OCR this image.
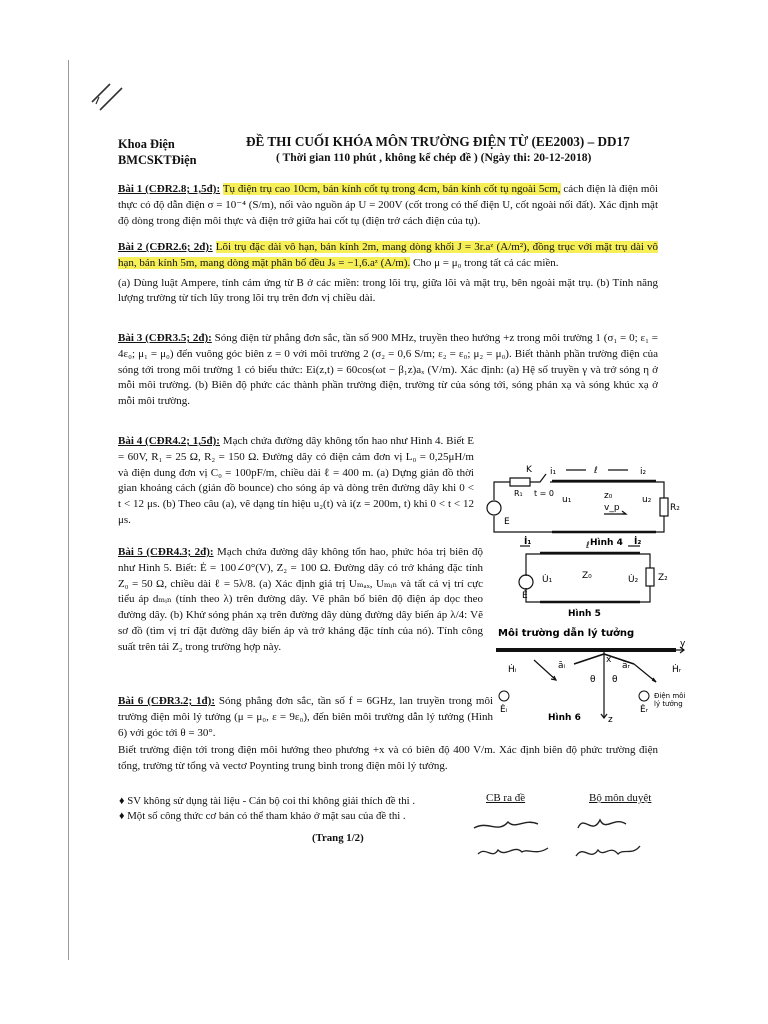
Khoa Điện
BMCSKTĐiện
ĐỀ THI CUỐI KHÓA MÔN TRƯỜNG ĐIỆN TỪ (EE2003) – DD17
( Thời gian 110 phút , không kể chép đề ) (Ngày thi: 20-12-2018)
Bài 1 (CĐR2.8; 1,5đ): Tụ điện trụ cao 10cm, bán kính cốt tụ trong 4cm, bán kính cốt tụ ngoài 5cm, cách điện là điện môi thực có độ dẫn điện σ = 10⁻⁴ (S/m), nối vào nguồn áp U = 200V (cốt trong có thế điện U, cốt ngoài nối đất). Xác định mật độ dòng trong điện môi thực và điện trở giữa hai cốt tụ (điện trở cách điện của tụ).
Bài 2 (CĐR2.6; 2đ): Lõi trụ đặc dài vô hạn, bán kính 2m, mang dòng khối J = 3r.aᶻ (A/m²), đồng trục với mặt trụ dài vô hạn, bán kính 5m, mang dòng mặt phân bố đều Jₛ = −1,6.aᶻ (A/m). Cho μ = μ₀ trong tất cả các miền.
(a) Dùng luật Ampere, tính cảm ứng từ B ở các miền: trong lõi trụ, giữa lõi và mặt trụ, bên ngoài mặt trụ. (b) Tính năng lượng trường từ tích lũy trong lõi trụ trên đơn vị chiều dài.
Bài 3 (CĐR3.5; 2đ): Sóng điện từ phẳng đơn sắc, tần số 900 MHz, truyền theo hướng +z trong môi trường 1 (σ₁ = 0; ε₁ = 4ε₀; μ₁ = μ₀) đến vuông góc biên z = 0 với môi trường 2 (σ₂ = 0,6 S/m; ε₂ = ε₀; μ₂ = μ₀). Biết thành phần trường điện của sóng tới trong môi trường 1 có biểu thức: Ei(z,t) = 60cos(ωt − β₁z)aₓ (V/m). Xác định: (a) Hệ số truyền γ và trở sóng η ở mỗi môi trường. (b) Biên độ phức các thành phần trường điện, trường từ của sóng tới, sóng phản xạ và sóng khúc xạ ở mỗi môi trường.
Bài 4 (CĐR4.2; 1,5đ): Mạch chứa đường dây không tổn hao như Hình 4. Biết E = 60V, R₁ = 25 Ω, R₂ = 150 Ω. Đường dây có điện cảm đơn vị L₀ = 0,25μH/m và điện dung đơn vị C₀ = 100pF/m, chiều dài ℓ = 400 m. (a) Dựng giản đồ thời gian khoảng cách (giản đồ bounce) cho sóng áp và dòng trên đường dây khi 0 < t < 12 μs. (b) Theo câu (a), vẽ dạng tín hiệu u₂(t) và i(z = 200m, t) khi 0 < t < 12 μs.
K i₁	ℓ	i₂
R₁ t = 0
u₁	z₀
v_p
u₂
R₂
E
Hình 4
Bài 5 (CĐR4.3; 2đ): Mạch chứa đường dây không tổn hao, phức hóa trị biên độ như Hình 5. Biết: Ė = 100∠0°(V), Z₂ = 100 Ω. Đường dây có trở kháng đặc tính Z₀ = 50 Ω, chiều dài ℓ = 5λ/8. (a) Xác định giá trị Uₘₐₓ, Uₘᵢₙ và tất cả vị trí cực tiểu áp dₘᵢₙ (tính theo λ) trên đường dây. Vẽ phân bố biên độ điện áp dọc theo đường dây. (b) Khử sóng phản xạ trên đường dây dùng đường dây biến áp λ/4: Vẽ sơ đồ (tìm vị trí đặt đường dây biến áp và trở kháng đặc tính của nó). Tính công suất trên tải Z₂ trong trường hợp này.
İ₁	ℓ	İ₂
U̇₁	Z₀	U̇₂ Z₂
Ė
Hình 5
Môi trường dẫn lý tưởng
y
x
Ḣᵢ	āᵢ	āᵣ	Ḣᵣ
θ θ
Ėᵢ	Ėᵣ
z
Điện môi
lý tưởng
Hình 6
Bài 6 (CĐR3.2; 1đ): Sóng phẳng đơn sắc, tần số f = 6GHz, lan truyền trong môi trường điện môi lý tưởng (μ = μ₀, ε = 9ε₀), đến biên môi trường dẫn lý tưởng (Hình 6) với góc tới θ = 30°.
Biết trường điện tới trong điện môi hướng theo phương +x và có biên độ 400 V/m. Xác định biên độ phức trường điện tổng, trường từ tổng và vectơ Poynting trung bình trong điện môi lý tưởng.
♦ SV không sử dụng tài liệu - Cán bộ coi thi không giải thích đề thi .
♦ Một số công thức cơ bản có thể tham khảo ở mặt sau của đề thi .
(Trang 1/2)
CB ra đề	Bộ môn duyệt
